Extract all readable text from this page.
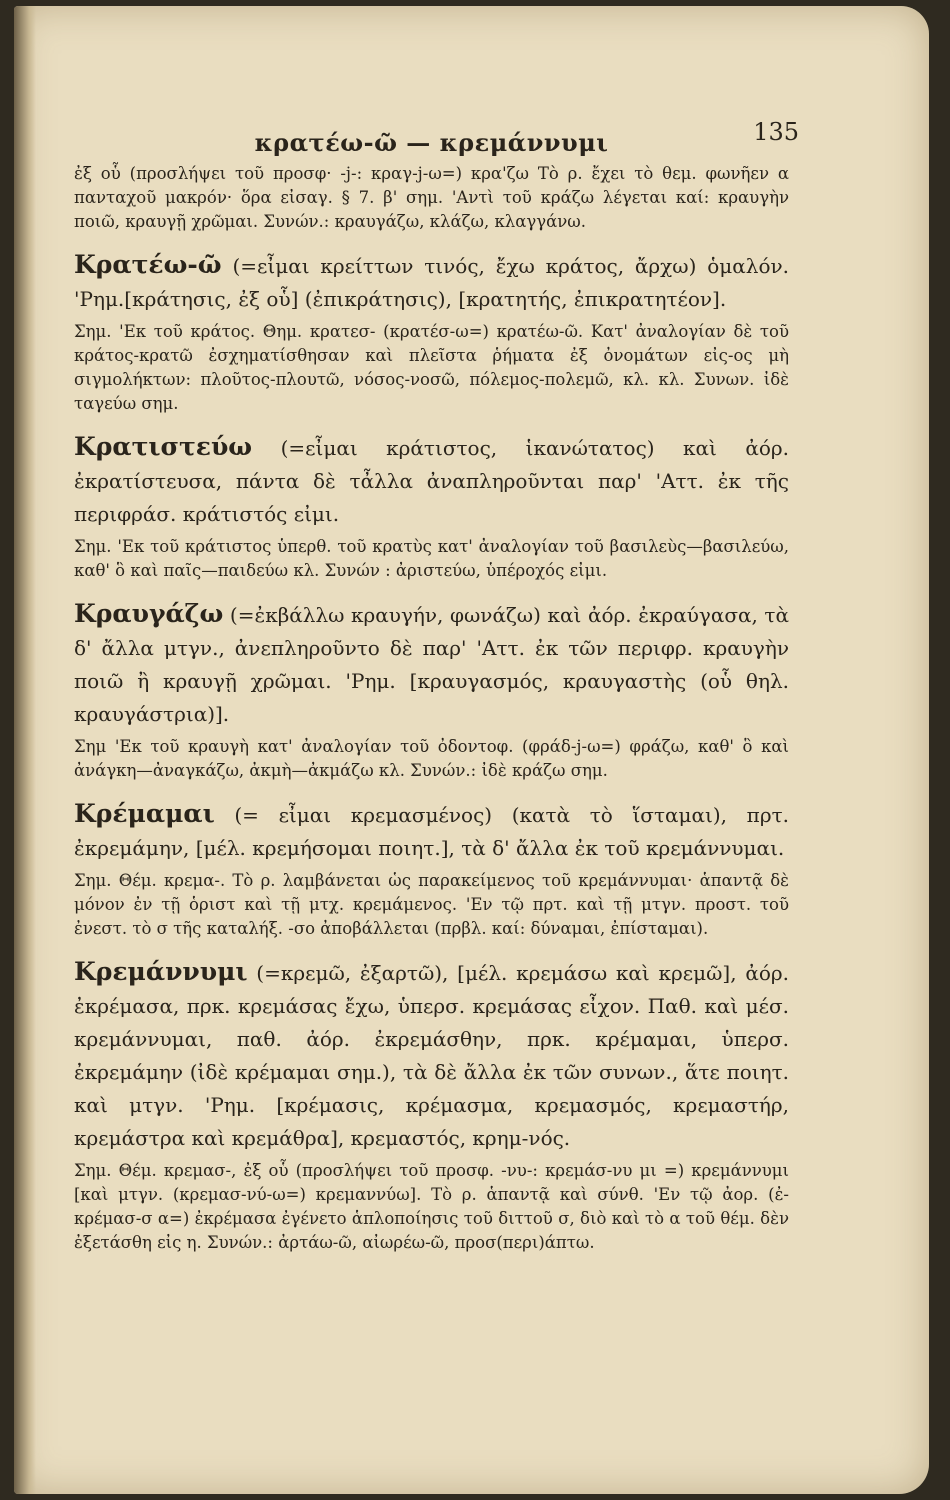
κρατέω-ῶ — κρεμάννυμι	135

ἐξ οὗ (προσλήψει τοῦ προσφ· -j-: κραγ-j-ω=) κρα'ζω Τὸ ρ. ἔχει τὸ θεμ. φωνῆεν α πανταχοῦ μακρόν· ὅρα εἰσαγ. § 7. β' σημ. 'Αντὶ τοῦ κράζω λέγεται καί: κραυγὴν ποιῶ, κραυγῇ χρῶμαι. Συνών.: κραυγάζω, κλάζω, κλαγγάνω.

Κρατέω-ῶ (=εἶμαι κρείττων τινός, ἔχω κράτος, ἄρχω) ὁμαλόν. 'Ρημ.[κράτησις, ἐξ οὗ] (ἐπικράτησις), [κρατητής, ἐπικρατητέον].

Σημ. 'Εκ τοῦ κράτος. Θημ. κρατεσ- (κρατέσ-ω=) κρατέω-ῶ. Κατ' ἀναλογίαν δὲ τοῦ κράτος-κρατῶ ἐσχηματίσθησαν καὶ πλεῖστα ῥήματα ἐξ ὀνομάτων εἰς-ος μὴ σιγμολήκτων: πλοῦτος-πλουτῶ, νόσος-νοσῶ, πόλεμος-πολεμῶ, κλ. κλ. Συνων. ἰδὲ ταγεύω σημ.

Κρατιστεύω (=εἶμαι κράτιστος, ἱκανώτατος) καὶ ἀόρ. ἐκρατίστευσα, πάντα δὲ τἆλλα ἀναπληροῦνται παρ' 'Αττ. ἐκ τῆς περιφράσ. κράτιστός εἰμι.

Σημ. 'Εκ τοῦ κράτιστος ὑπερθ. τοῦ κρατὺς κατ' ἀναλογίαν τοῦ βασιλεὺς—βασιλεύω, καθ' ὃ καὶ παῖς—παιδεύω κλ. Συνών : ἀριστεύω, ὑπέροχός εἰμι.

Κραυγάζω (=ἐκβάλλω κραυγήν, φωνάζω) καὶ ἀόρ. ἐκραύγασα, τὰ δ' ἄλλα μτγν., ἀνεπληροῦντο δὲ παρ' 'Αττ. ἐκ τῶν περιφρ. κραυγὴν ποιῶ ἢ κραυγῇ χρῶμαι. 'Ρημ. [κραυγασμός, κραυγαστὴς (οὗ θηλ. κραυγάστρια)].

Σημ 'Εκ τοῦ κραυγὴ κατ' ἀναλογίαν τοῦ ὀδοντοφ. (φράδ-j-ω=) φράζω, καθ' ὃ καὶ ἀνάγκη—ἀναγκάζω, ἀκμὴ—ἀκμάζω κλ. Συνών.: ἰδὲ κράζω σημ.

Κρέμαμαι (= εἶμαι κρεμασμένος) (κατὰ τὸ ἵσταμαι), πρτ. ἐκρεμάμην, [μέλ. κρεμήσομαι ποιητ.], τὰ δ' ἄλλα ἐκ τοῦ κρεμάννυμαι.

Σημ. Θέμ. κρεμα-. Τὸ ρ. λαμβάνεται ὡς παρακείμενος τοῦ κρεμάννυμαι· ἁπαντᾷ δὲ μόνον ἐν τῇ ὁριστ καὶ τῇ μτχ. κρεμάμενος. 'Εν τῷ πρτ. καὶ τῇ μτγν. προστ. τοῦ ἐνεστ. τὸ σ τῆς καταλήξ. -σο ἀποβάλλεται (πρβλ. καί: δύναμαι, ἐπίσταμαι).

Κρεμάννυμι (=κρεμῶ, ἐξαρτῶ), [μέλ. κρεμάσω καὶ κρεμῶ], ἀόρ. ἐκρέμασα, πρκ. κρεμάσας ἔχω, ὑπερσ. κρεμάσας εἶχον. Παθ. καὶ μέσ. κρεμάννυμαι, παθ. ἀόρ. ἐκρεμάσθην, πρκ. κρέμαμαι, ὑπερσ. ἐκρεμάμην (ἰδὲ κρέμαμαι σημ.), τὰ δὲ ἄλλα ἐκ τῶν συνων., ἅτε ποιητ. καὶ μτγν. 'Ρημ. [κρέμασις, κρέμασμα, κρεμασμός, κρεμαστήρ, κρεμάστρα καὶ κρεμάθρα], κρεμαστός, κρημ-νός.

Σημ. Θέμ. κρεμασ-, ἐξ οὗ (προσλήψει τοῦ προσφ. -νυ-: κρεμάσ-νυ μι =) κρεμάννυμι [καὶ μτγν. (κρεμασ-νύ-ω=) κρεμαννύω]. Τὸ ρ. ἁπαντᾷ καὶ σύνθ. 'Εν τῷ ἀορ. (ἐ-κρέμασ-σ α=) ἐκρέμασα ἐγένετο ἁπλοποίησις τοῦ διττοῦ σ, διὸ καὶ τὸ α τοῦ θέμ. δὲν ἐξετάσθη εἰς η. Συνών.: ἀρτάω-ῶ, αἰωρέω-ῶ, προσ(περι)άπτω.
